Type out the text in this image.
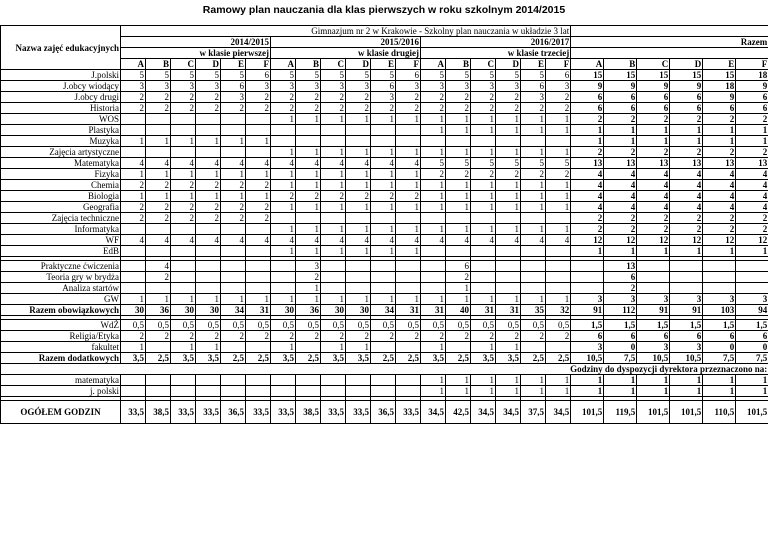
Ramowy plan nauczania dla klas pierwszych w roku szkolnym 2014/2015
Nazwa zajęć edukacyjnych	Gimnazjum nr 2 w Krakowie - Szkolny plan nauczania w układzie 3 lat																							
	2014/2015						2015/2016						2016/2017						Razem					
	w klasie pierwszej						w klasie drugiej						w klasie trzeciej											
	A	B	C	D	E	F	A	B	C	D	E	F	A	B	C	D	E	F	A	B	C	D	E	F
J.polski	5	5	5	5	5	6	5	5	5	5	5	6	5	5	5	5	5	6	15	15	15	15	15	18
J.obcy wiodący	3	3	3	3	6	3	3	3	3	3	6	3	3	3	3	3	6	3	9	9	9	9	18	9
J.obcy drugi	2	2	2	2	3	2	2	2	2	2	3	2	2	2	2	2	3	2	6	6	6	6	9	6
Historia	2	2	2	2	2	2	2	2	2	2	2	2	2	2	2	2	2	2	6	6	6	6	6	6
WOS							1	1	1	1	1	1	1	1	1	1	1	1	2	2	2	2	2	2
Plastyka													1	1	1	1	1	1	1	1	1	1	1	1
Muzyka	1	1	1	1	1	1													1	1	1	1	1	1
Zajęcia artystyczne							1	1	1	1	1	1	1	1	1	1	1	1	2	2	2	2	2	2
Matematyka	4	4	4	4	4	4	4	4	4	4	4	4	5	5	5	5	5	5	13	13	13	13	13	13
Fizyka	1	1	1	1	1	1	1	1	1	1	1	1	2	2	2	2	2	2	4	4	4	4	4	4
Chemia	2	2	2	2	2	2	1	1	1	1	1	1	1	1	1	1	1	1	4	4	4	4	4	4
Biologia	1	1	1	1	1	1	2	2	2	2	2	2	1	1	1	1	1	1	4	4	4	4	4	4
Geografia	2	2	2	2	2	2	1	1	1	1	1	1	1	1	1	1	1	1	4	4	4	4	4	4
Zajęcia techniczne	2	2	2	2	2	2													2	2	2	2	2	2
Informatyka							1	1	1	1	1	1	1	1	1	1	1	1	2	2	2	2	2	2
WF	4	4	4	4	4	4	4	4	4	4	4	4	4	4	4	4	4	4	12	12	12	12	12	12
EdB							1	1	1	1	1	1							1	1	1	1	1	1

Praktyczne ćwiczenia		4						3						6						13				
Teoria gry w brydża		2						2						2						6				
Analiza startów								1						1						2				
GW	1	1	1	1	1	1	1	1	1	1	1	1	1	1	1	1	1	1	3	3	3	3	3	3
Razem obowiązkowych	30	36	30	30	34	31	30	36	30	30	34	31	31	40	31	31	35	32	91	112	91	91	103	94

WdŻ	0,5	0,5	0,5	0,5	0,5	0,5	0,5	0,5	0,5	0,5	0,5	0,5	0,5	0,5	0,5	0,5	0,5	0,5	1,5	1,5	1,5	1,5	1,5	1,5
Religia/Etyka	2	2	2	2	2	2	2	2	2	2	2	2	2	2	2	2	2	2	6	6	6	6	6	6
fakultet	1		1	1			1		1	1			1		1	1			3	0	3	3	0	0
Razem dodatkowych	3,5	2,5	3,5	3,5	2,5	2,5	3,5	2,5	3,5	3,5	2,5	2,5	3,5	2,5	3,5	3,5	2,5	2,5	10,5	7,5	10,5	10,5	7,5	7,5
Godziny do dyspozycji dyrektora przeznaczono na:																								
matematyka													1	1	1	1	1	1	1	1	1	1	1	1
j. polski													1	1	1	1	1	1	1	1	1	1	1	1

OGÓŁEM GODZIN	33,5	38,5	33,5	33,5	36,5	33,5	33,5	38,5	33,5	33,5	36,5	33,5	34,5	42,5	34,5	34,5	37,5	34,5	101,5	119,5	101,5	101,5	110,5	101,5
